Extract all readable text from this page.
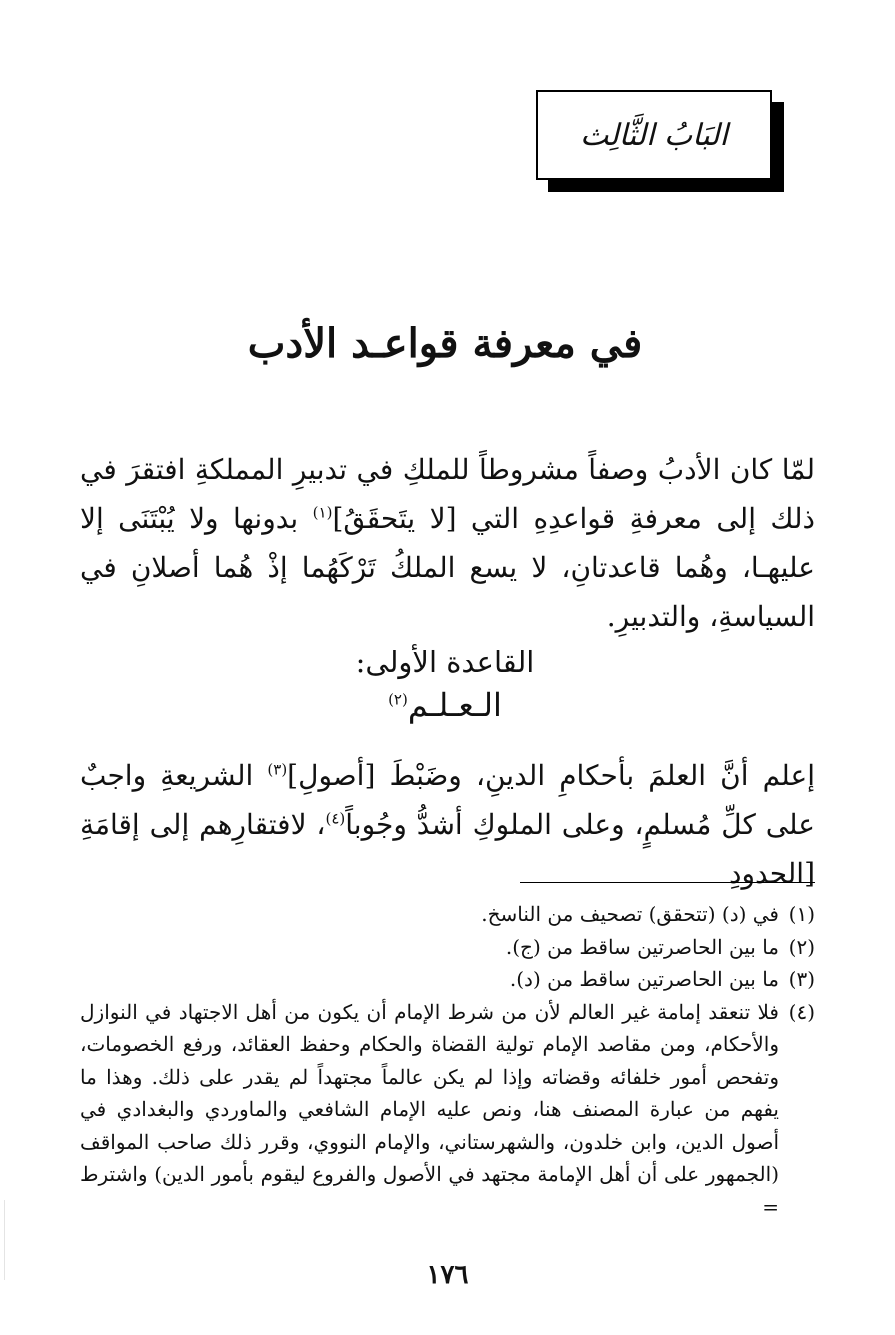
البَابُ الثَّالِث
في معرفة قواعـد الأدب
لمّا كان الأدبُ وصفاً مشروطاً للملكِ في تدبيرِ المملكةِ افتقرَ في ذلك إلى معرفةِ قواعدِهِ التي [لا يتَحقَقُ]$^{(١)}$ بدونها ولا يُبْتَنَى إلا عليهـا، وهُما قاعدتانِ، لا يسع الملكُ تَرْكَهُما إذْ هُما أصلانِ في السياسةِ، والتدبيرِ.
القاعدة الأولى:
الـعـلـم$^{(٢)}$
إعلم أنَّ العلمَ بأحكامِ الدينِ، وضَبْطَ [أصولِ]$^{(٣)}$ الشريعةِ واجبٌ على كلِّ مُسلمٍ، وعلى الملوكِ أشدُّ وجُوباً$^{(٤)}$، لافتقارِهم إلى إقامَةِ [الحدودِ
(١)
في (د) (تتحقق) تصحيف من الناسخ.
(٢)
ما بين الحاصرتين ساقط من (ج).
(٣)
ما بين الحاصرتين ساقط من (د).
(٤)
فلا تنعقد إمامة غير العالم لأن من شرط الإمام أن يكون من أهل الاجتهاد في النوازل والأحكام، ومن مقاصد الإمام تولية القضاة والحكام وحفظ العقائد، ورفع الخصومات، وتفحص أمور خلفائه وقضاته وإذا لم يكن عالماً مجتهداً لم يقدر على ذلك. وهذا ما يفهم من عبارة المصنف هنا، ونص عليه الإمام الشافعي والماوردي والبغدادي في أصول الدين، وابن خلدون، والشهرستاني، والإمام النووي، وقرر ذلك صاحب المواقف (الجمهور على أن أهل الإمامة مجتهد في الأصول والفروع ليقوم بأمور الدين) واشترط =
١٧٦
